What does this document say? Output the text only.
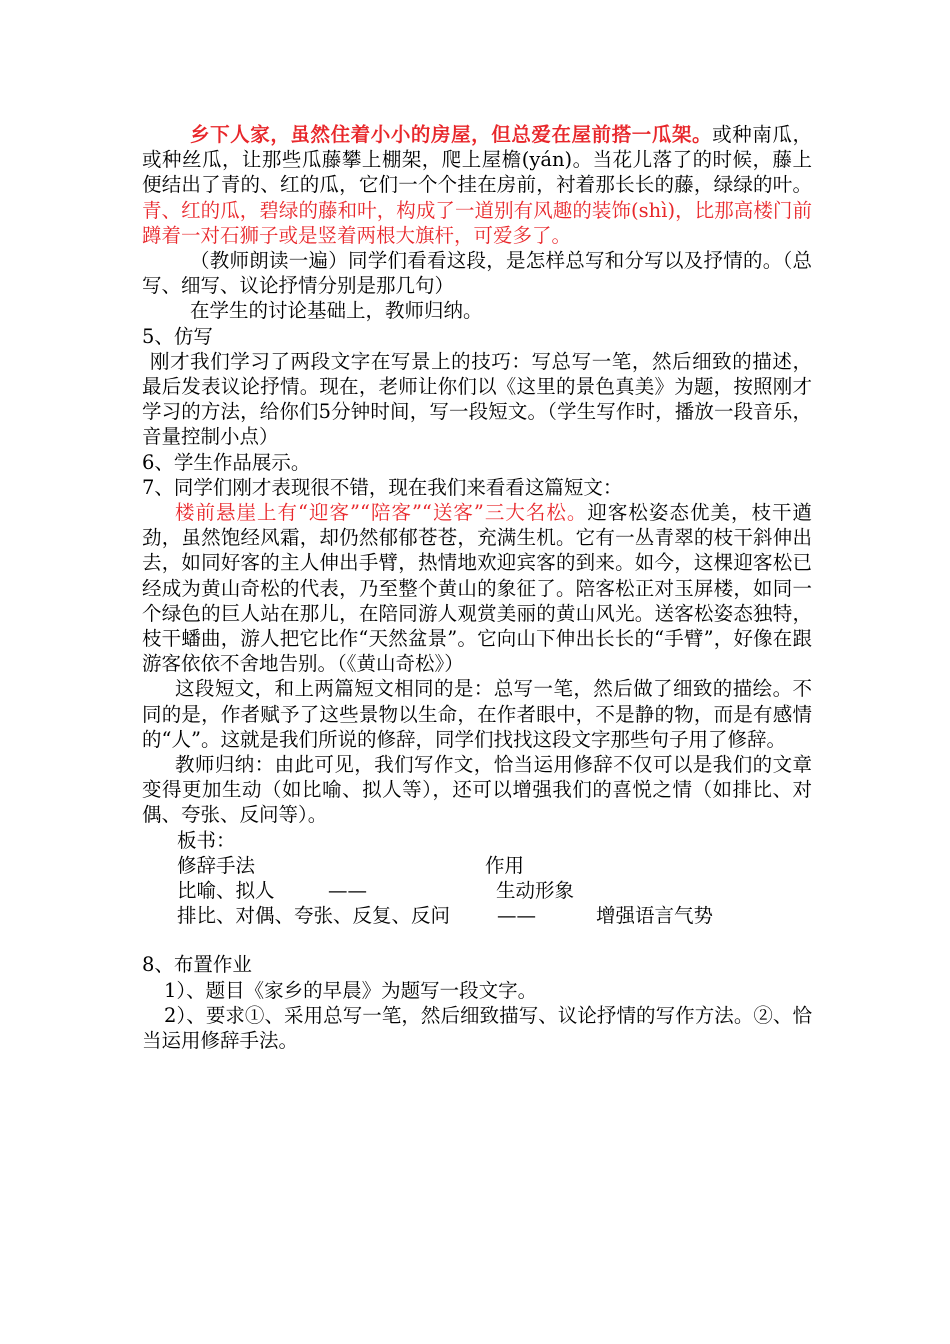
乡下人家，虽然住着小小的房屋，但总爱在屋前搭一瓜架。或种南瓜，或种丝瓜，让那些瓜藤攀上棚架，爬上屋檐(yán)。当花儿落了的时候，藤上便结出了青的、红的瓜，它们一个个挂在房前，衬着那长长的藤，绿绿的叶。青、红的瓜，碧绿的藤和叶，构成了一道别有风趣的装饰(shì)，比那高楼门前蹲着一对石狮子或是竖着两根大旗杆，可爱多了。

（教师朗读一遍）同学们看看这段，是怎样总写和分写以及抒情的。（总写、细写、议论抒情分别是那几句）

在学生的讨论基础上，教师归纳。

5、仿写

刚才我们学习了两段文字在写景上的技巧：写总写一笔，然后细致的描述，最后发表议论抒情。现在，老师让你们以《这里的景色真美》为题，按照刚才学习的方法，给你们5分钟时间，写一段短文。（学生写作时，播放一段音乐，音量控制小点）

6、学生作品展示。

7、同学们刚才表现很不错，现在我们来看看这篇短文：

楼前悬崖上有“迎客”“陪客”“送客”三大名松。迎客松姿态优美，枝干遒劲，虽然饱经风霜，却仍然郁郁苍苍，充满生机。它有一丛青翠的枝干斜伸出去，如同好客的主人伸出手臂，热情地欢迎宾客的到来。如今，这棵迎客松已经成为黄山奇松的代表，乃至整个黄山的象征了。陪客松正对玉屏楼，如同一个绿色的巨人站在那儿，在陪同游人观赏美丽的黄山风光。送客松姿态独特，枝干蟠曲，游人把它比作“天然盆景”。它向山下伸出长长的“手臂”，好像在跟游客依依不舍地告别。（《黄山奇松》）

这段短文，和上两篇短文相同的是：总写一笔，然后做了细致的描绘。不同的是，作者赋予了这些景物以生命，在作者眼中，不是静的物，而是有感情的“人”。这就是我们所说的修辞，同学们找找这段文字那些句子用了修辞。

教师归纳：由此可见，我们写作文，恰当运用修辞不仅可以是我们的文章变得更加生动（如比喻、拟人等），还可以增强我们的喜悦之情（如排比、对偶、夸张、反问等）。

板书：
修辞手法	作用
比喻、拟人	——	生动形象
排比、对偶、夸张、反复、反问 ——	增强语言气势

8、布置作业

1）、题目《家乡的早晨》为题写一段文字。

2）、要求①、采用总写一笔，然后细致描写、议论抒情的写作方法。②、恰当运用修辞手法。
